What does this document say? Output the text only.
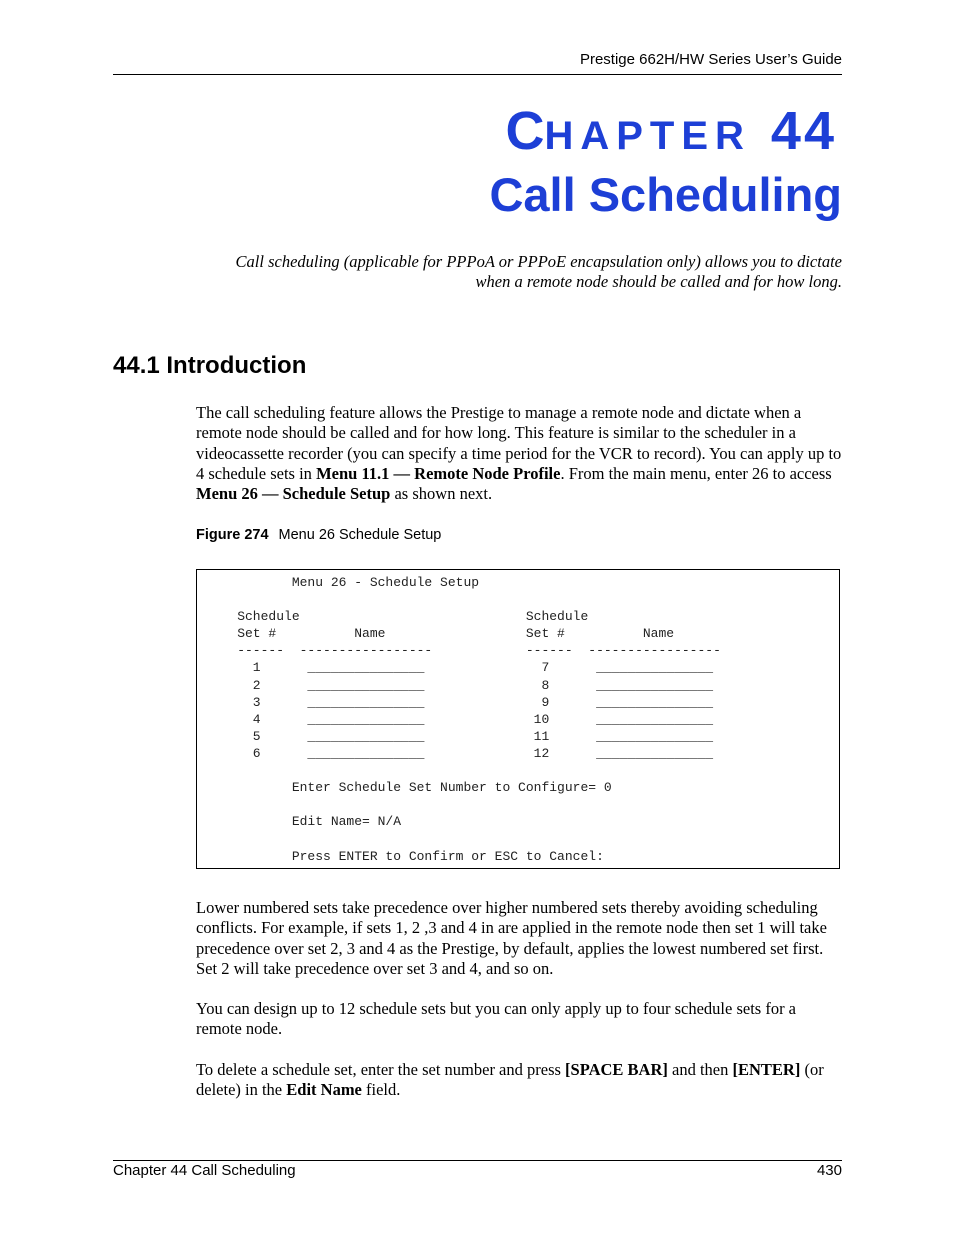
Prestige 662H/HW Series User’s Guide
CHAPTER 44
Call Scheduling
Call scheduling (applicable for PPPoA or PPPoE encapsulation only) allows you to dictate
when a remote node should be called and for how long.
44.1 Introduction
The call scheduling feature allows the Prestige to manage a remote node and dictate when a remote node should be called and for how long. This feature is similar to the scheduler in a videocassette recorder (you can specify a time period for the VCR to record). You can apply up to 4 schedule sets in Menu 11.1 — Remote Node Profile. From the main menu, enter 26 to access Menu 26 — Schedule Setup as shown next.
Figure 274 Menu 26 Schedule Setup
Menu 26 - Schedule Setup

Schedule                             Schedule
Set #          Name                  Set #          Name
------  -----------------            ------  -----------------
1      _______________               7      _______________
2      _______________               8      _______________
3      _______________               9      _______________
4      _______________              10      _______________
5      _______________              11      _______________
6      _______________              12      _______________

Enter Schedule Set Number to Configure= 0

Edit Name= N/A

Press ENTER to Confirm or ESC to Cancel:
Lower numbered sets take precedence over higher numbered sets thereby avoiding scheduling conflicts. For example, if sets 1, 2 ,3 and 4 in are applied in the remote node then set 1 will take precedence over set 2, 3 and 4 as the Prestige, by default, applies the lowest numbered set first. Set 2 will take precedence over set 3 and 4, and so on.
You can design up to 12 schedule sets but you can only apply up to four schedule sets for a remote node.
To delete a schedule set, enter the set number and press [SPACE BAR] and then [ENTER] (or delete) in the Edit Name field.
Chapter 44 Call Scheduling	430
